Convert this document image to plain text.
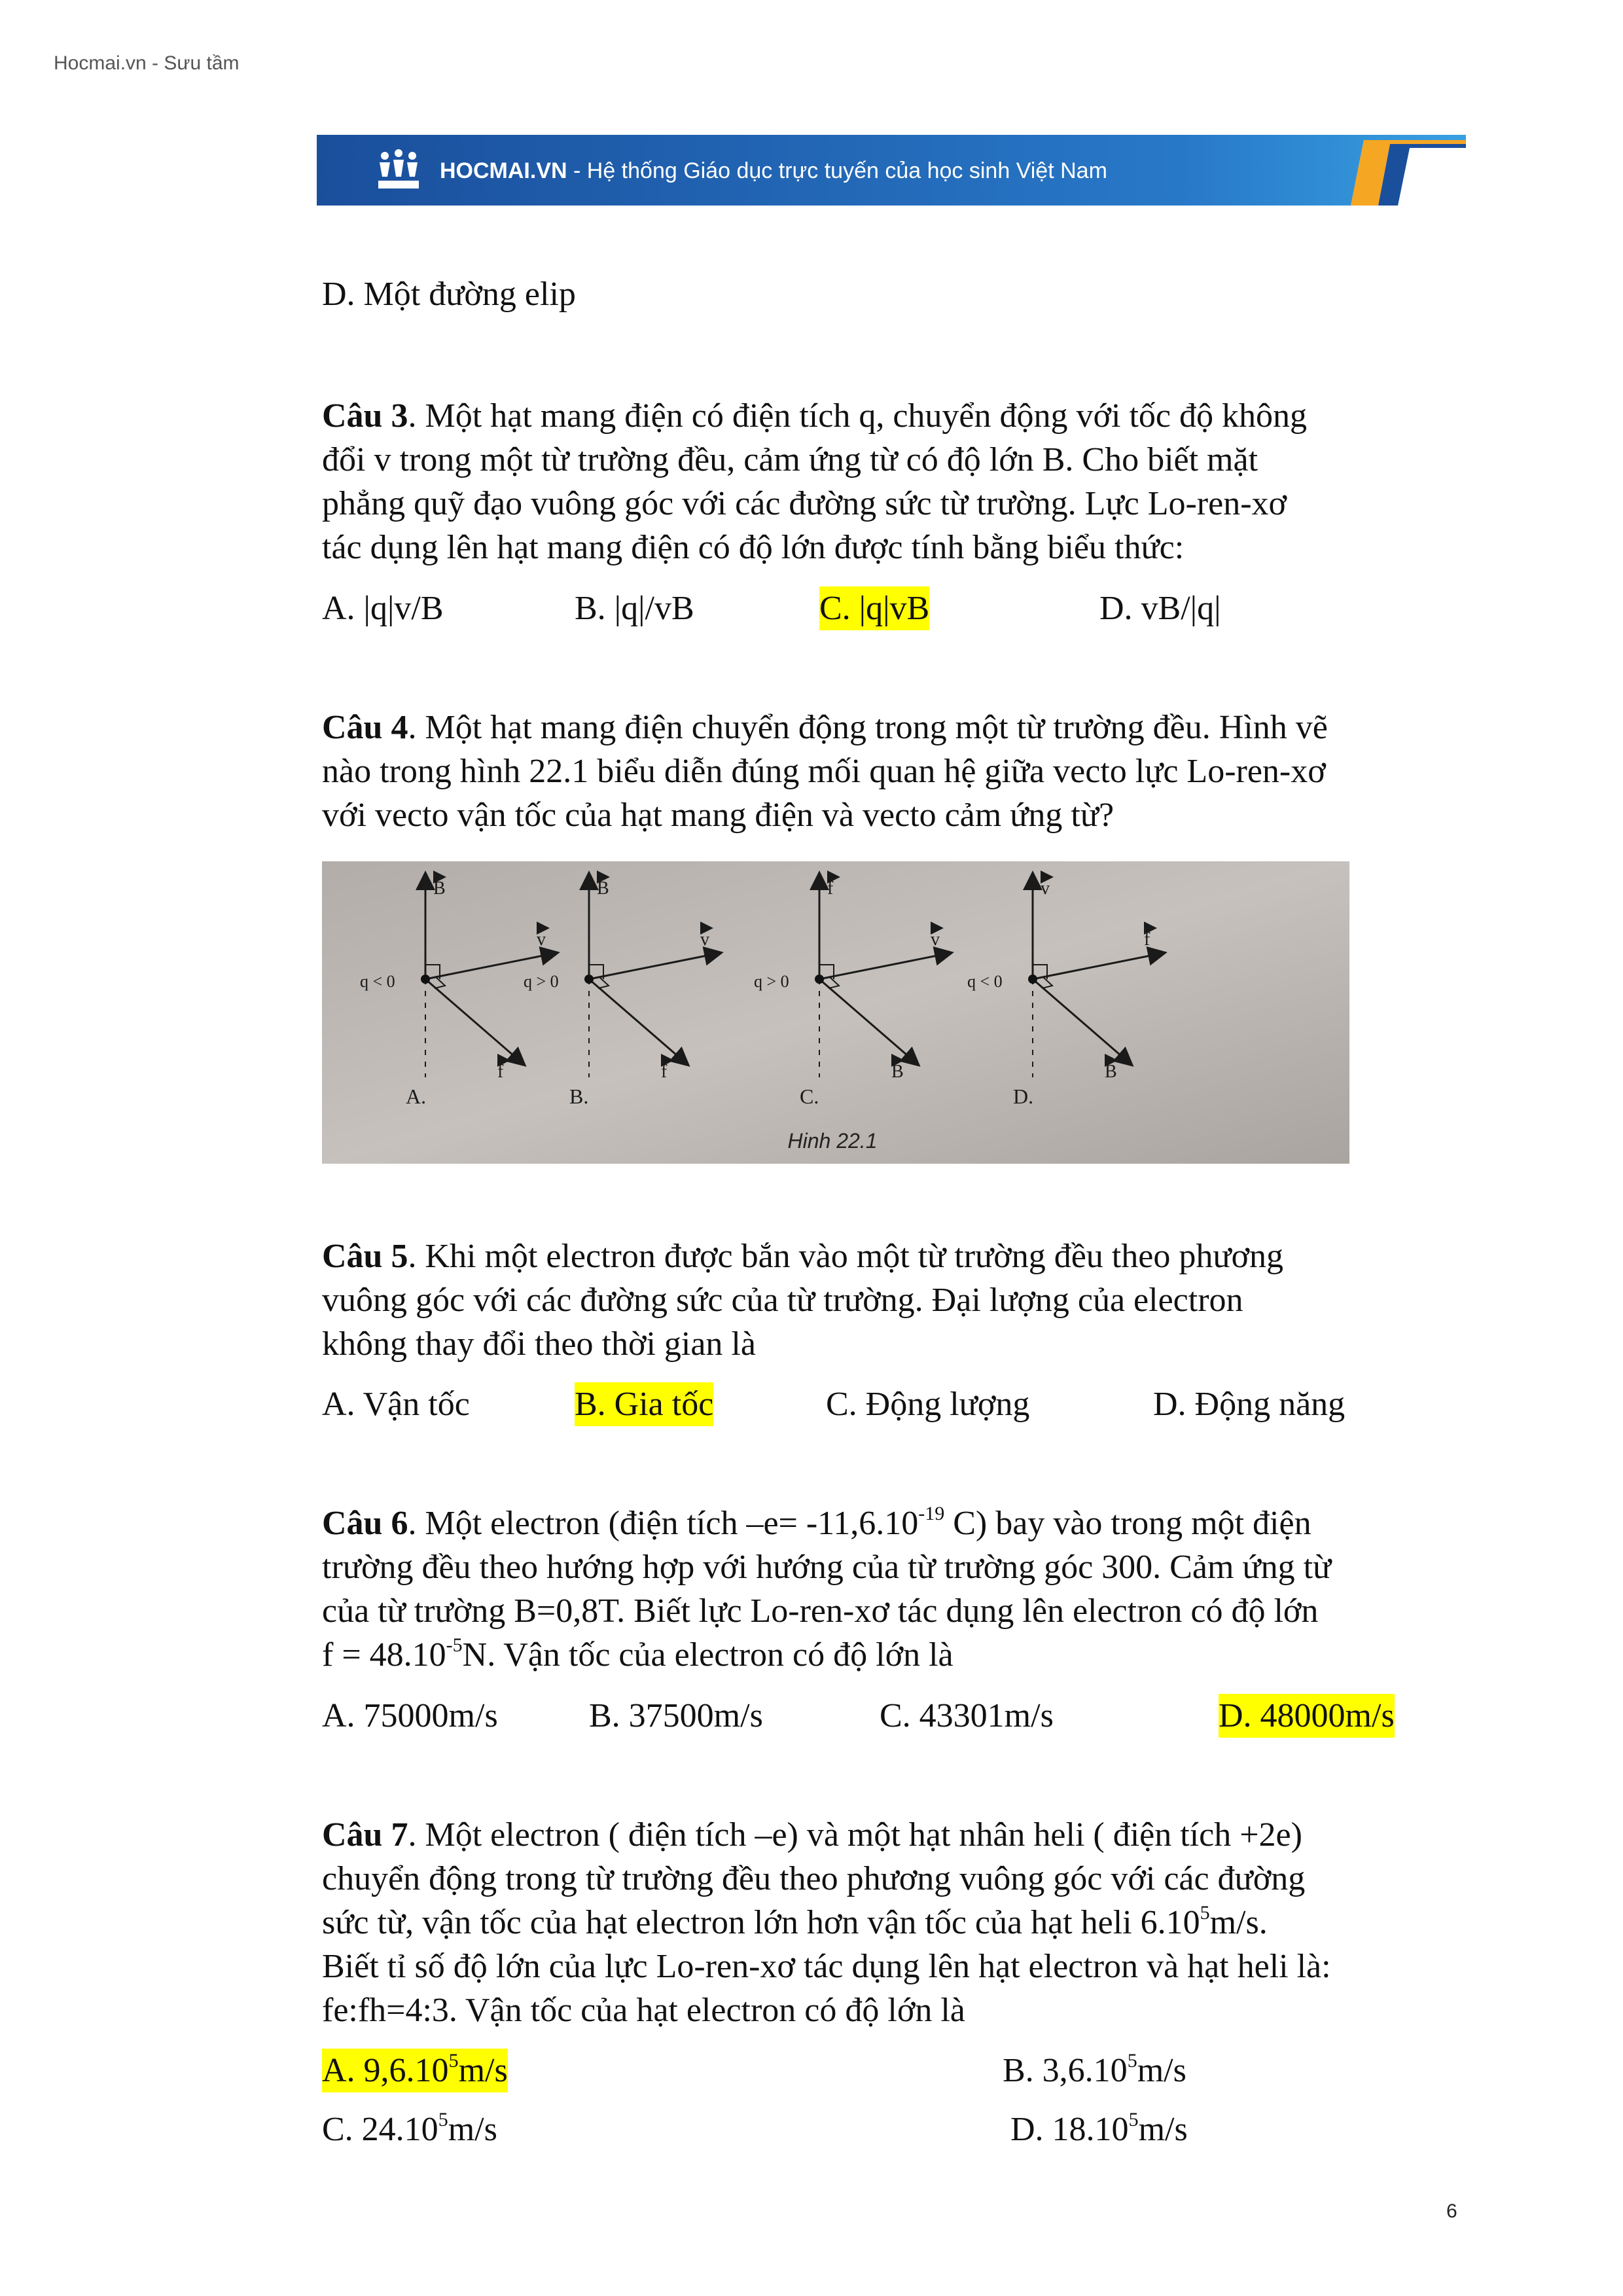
Hocmai.vn - Sưu tầm
HOCMAI.VN - Hệ thống Giáo dục trực tuyến của học sinh Việt Nam
D. Một đường elip
Câu 3. Một hạt mang điện có điện tích q, chuyển động với tốc độ không
đổi v trong một từ trường đều, cảm ứng từ có độ lớn B. Cho biết mặt
phẳng quỹ đạo vuông góc với các đường sức từ trường. Lực Lo-ren-xơ
tác dụng lên hạt mang điện có độ lớn được tính bằng biểu thức:
A. |q|v/B	B. |q|/vB	C. |q|vB	D. vB/|q|
Câu 4. Một hạt mang điện chuyển động trong một từ trường đều. Hình vẽ
nào trong hình 22.1 biểu diễn đúng mối quan hệ giữa vecto lực Lo-ren-xơ
với vecto vận tốc của hạt mang điện và vecto cảm ứng từ?
Câu 5. Khi một electron được bắn vào một từ trường đều theo phương
vuông góc với các đường sức của từ trường. Đại lượng của electron
không thay đổi theo thời gian là
A. Vận tốc	B. Gia tốc	C. Động lượng	D. Động năng
Câu 6. Một electron (điện tích $-e= -11,6.10^{-19}$ C) bay vào trong một điện
trường đều theo hướng hợp với hướng của từ trường góc 300. Cảm ứng từ
của từ trường B=0,8T. Biết lực Lo-ren-xơ tác dụng lên electron có độ lớn
$f = 48.10^{-5}N$. Vận tốc của electron có độ lớn là
A. 75000m/s	B. 37500m/s	C. 43301m/s	D. 48000m/s
Câu 7. Một electron ( điện tích –e) và một hạt nhân heli ( điện tích +2e)
chuyển động trong từ trường đều theo phương vuông góc với các đường
sức từ, vận tốc của hạt electron lớn hơn vận tốc của hạt heli 6.10$^5$m/s.
Biết tỉ số độ lớn của lực Lo-ren-xơ tác dụng lên hạt electron và hạt heli là:
fe:fh=4:3. Vận tốc của hạt electron có độ lớn là
A. 9,6.10$^5$m/s	B. 3,6.10$^5$m/s
C. 24.10$^5$m/s	D. 18.10$^5$m/s
B
v
f
q < 0
A.
B
v
f
q > 0
B.
f
v
B
q > 0
C.
v
f
B
q < 0
D.
Hinh 22.1
6
